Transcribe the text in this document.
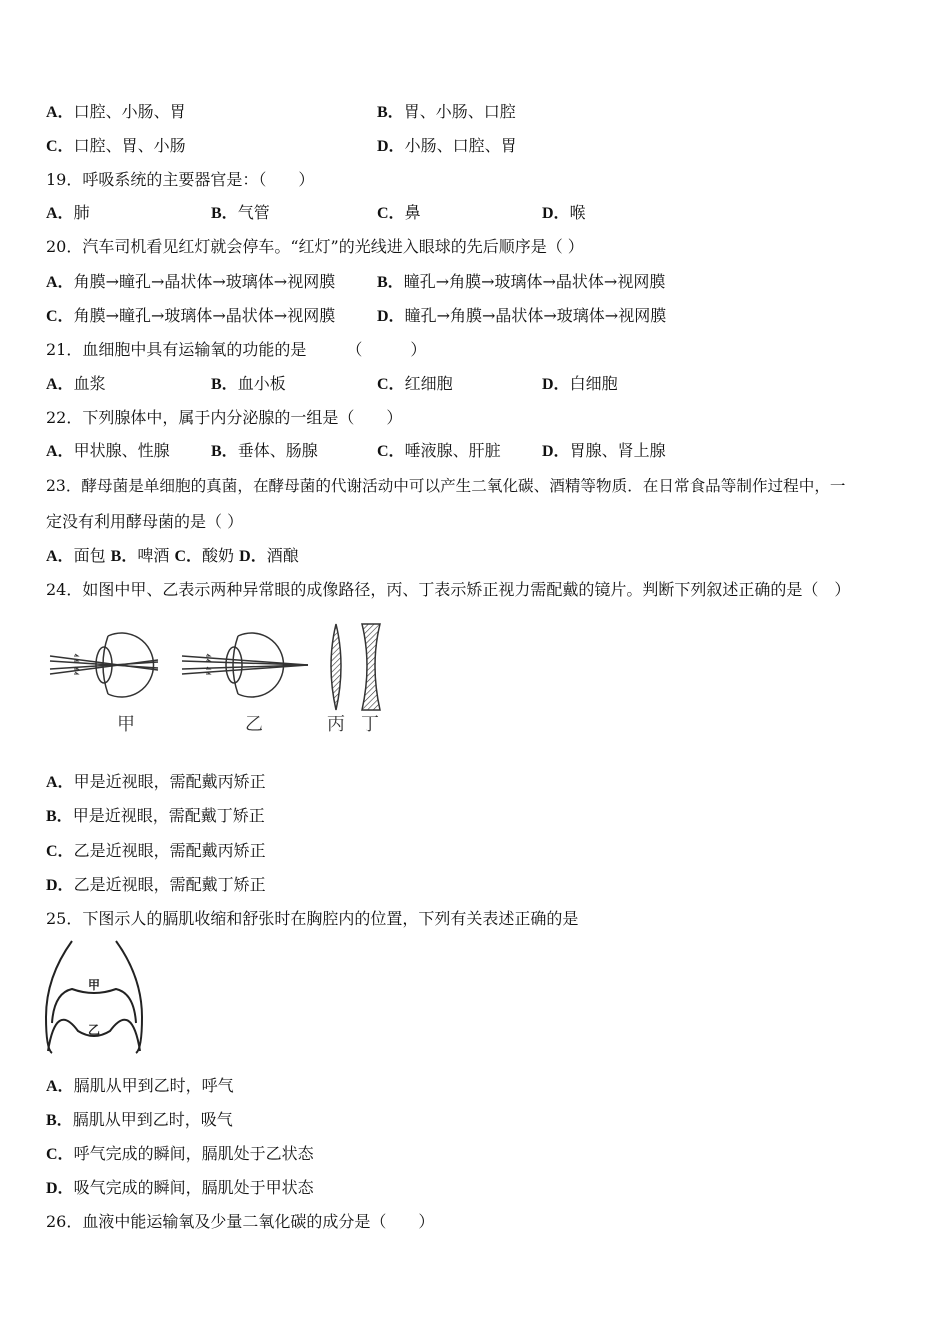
A．口腔、小肠、胃	B．胃、小肠、口腔
C．口腔、胃、小肠	D．小肠、口腔、胃
19．呼吸系统的主要器官是：（　　）
A．肺	B．气管	C．鼻	D．喉
20．汽车司机看见红灯就会停车。“红灯”的光线进入眼球的先后顺序是（ ）
A．角膜→瞳孔→晶状体→玻璃体→视网膜	B．瞳孔→角膜→玻璃体→晶状体→视网膜
C．角膜→瞳孔→玻璃体→晶状体→视网膜	D．瞳孔→角膜→晶状体→玻璃体→视网膜
21．血细胞中具有运输氧的功能的是　　　（　　　）
A．血浆	B．血小板	C．红细胞	D．白细胞
22．下列腺体中，属于内分泌腺的一组是（　　）
A．甲状腺、性腺	B．垂体、肠腺	C．唾液腺、肝脏	D．胃腺、肾上腺
23．酵母菌是单细胞的真菌，在酵母菌的代谢活动中可以产生二氧化碳、酒精等物质．在日常食品等制作过程中，一
定没有利用酵母菌的是（ ）
A．面包 B．啤酒 C．酸奶 D．酒酿
24．如图中甲、乙表示两种异常眼的成像路径，丙、丁表示矫正视力需配戴的镜片。判断下列叙述正确的是（　）
甲	乙	丙 丁
A．甲是近视眼，需配戴丙矫正
B．甲是近视眼，需配戴丁矫正
C．乙是近视眼，需配戴丙矫正
D．乙是近视眼，需配戴丁矫正
25．下图示人的膈肌收缩和舒张时在胸腔内的位置，下列有关表述正确的是
甲
乙
A．膈肌从甲到乙时，呼气
B．膈肌从甲到乙时，吸气
C．呼气完成的瞬间，膈肌处于乙状态
D．吸气完成的瞬间，膈肌处于甲状态
26．血液中能运输氧及少量二氧化碳的成分是（　　）
